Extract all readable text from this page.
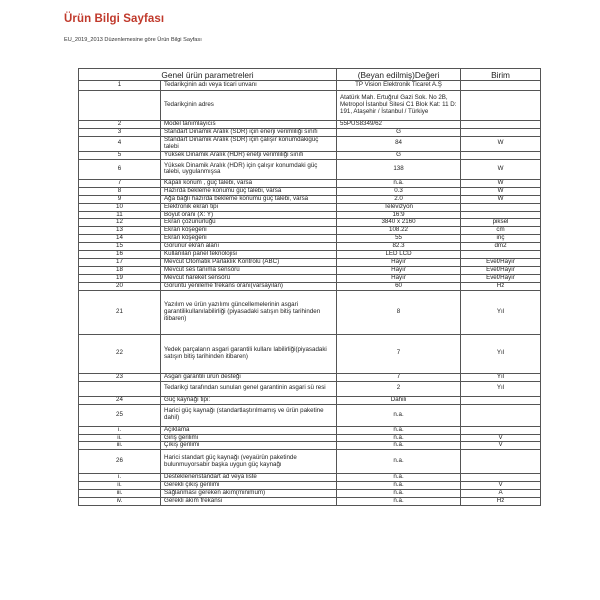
Ürün Bilgi Sayfası
EU_2019_2013 Düzenlemesine göre Ürün Bilgi Sayfası
Genel ürün parametreleri		(Beyan edilmiş)Değeri	Birim
1	Tedarikçinin adı veya ticari unvanı	TP Vision Elektronik Ticaret A.Ş	
	Tedarikçinin adres	Atatürk Mah. Ertuğrul Gazi Sok. No 2B, Metropol İstanbul Sitesi C1 Blok Kat: 11 D: 191, Ataşehir / İstanbul / Türkiye	
2	Model tanımlayıcıs	55PUS8349/62	
3	Standart Dinamik Aralık (SDR) için enerji verimliliği sınıfı	G	
4	Standart Dinamik Aralık (SDR) için çalışır konumdakigüç talebi	84	W
5	Yüksek Dinamik Aralık (HDR) enetji verimliliği sınıfı	G	
6	Yüksek Dinamik Aralık (HDR) için çalışır konumdaki güç talebi, uygulanmışsa	138	W
7	Kapalı konum , güç talebi, varsa	n.a.	W
8	Hazırda bekleme konumu güç talebi, varsa	0.3	W
9	Ağa bağlı hazırda bekleme konumu güç talebi, varsa	2.0	W
10	Elektronik ekran tipi	Televizyon	
11	Boyut oranı (X: Y)	16:9	
12	Ekran çözünürlüğü	3840 x 2160	piksel
13	Ekran köşegeni	108.22	cm
14	Ekran köşegeni	55	inç
15	Görünür ekran alanı	82.3	dm2
16	Kullanılan panel teknolojisi	LED LCD	
17	Mevcut Otomatik Parlaklık Kontrolü (ABC)	Hayır	Evet/Hayır
18	Mevcut ses tanıma sensörü	Hayır	Evet/Hayır
19	Mevcut hareket sensörü	Hayır	Evet/Hayır
20	Görüntü yenileme frekans oranı(varsayılan)	60	Hz
21	Yazılım ve ürün yazılımı güncellemelerinin asgari garantilikullanılabilirliği (piyasadaki satışın bitiş tarihinden itibaren)	8	Yıl
22	Yedek parçaların asgari garantili kullanı labilirliği(piyasadaki satışın bitiş tarihinden itibaren)	7	Yıl
23	Asgari garantili ürün desteği	7	Yıl
	Tedarikçi tarafından sunulan genel garantinin asgari sü resi	2	Yıl
24	Güç kaynağı tipi:	Dahili	
25	Harici güç kaynağı (standartlaştırılmamış ve ürün paketine dahil)	n.a.	
i.	Açıklama	n.a.	
ii.	Giriş gerilimi	n.a.	V
iii.	Çıkış gerilimi	n.a.	V
26	Harici standart güç kaynağı (veyaürün paketinde bulunmuyorsabir başka uygun güç kaynağı	n.a.	
i.	Desteklenenstandart ad veya liste	n.a.	
ii.	Gerekli çıkış gerilimi	n.a.	V
iii.	Sağlanması gereken akım(minimum)	n.a.	A
iv.	Gerekli akım frekansı	n.a.	Hz
